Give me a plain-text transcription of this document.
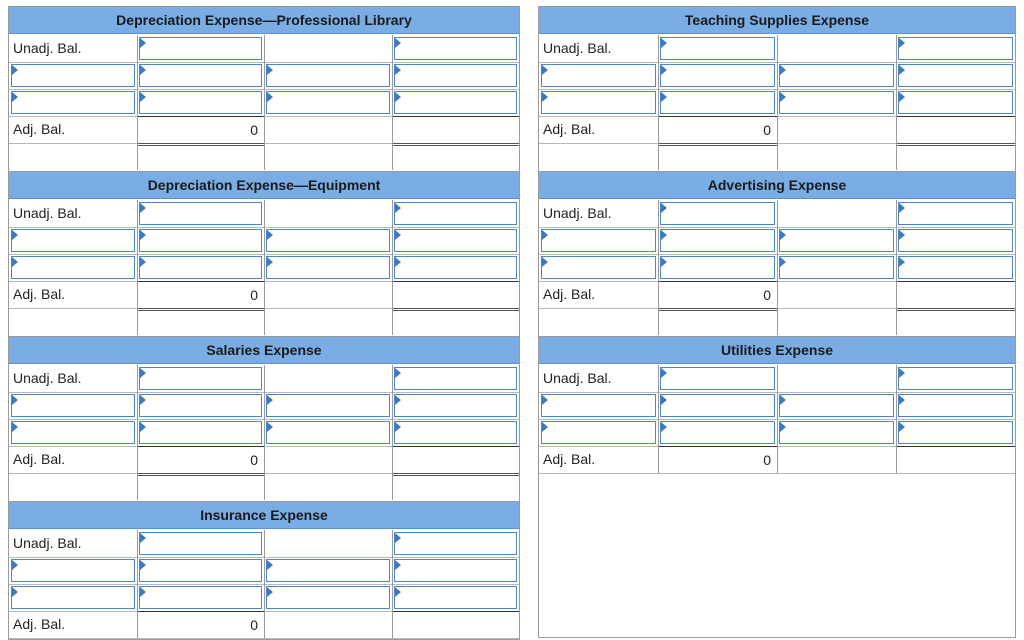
Depreciation Expense—Professional Library
Unadj. Bal.
Adj. Bal.	0
Teaching Supplies Expense
Unadj. Bal.
Adj. Bal.	0
Depreciation Expense—Equipment
Unadj. Bal.
Adj. Bal.	0
Advertising Expense
Unadj. Bal.
Adj. Bal.	0
Salaries Expense
Unadj. Bal.
Adj. Bal.	0
Utilities Expense
Unadj. Bal.
Adj. Bal.	0
Insurance Expense
Unadj. Bal.
Adj. Bal.	0
